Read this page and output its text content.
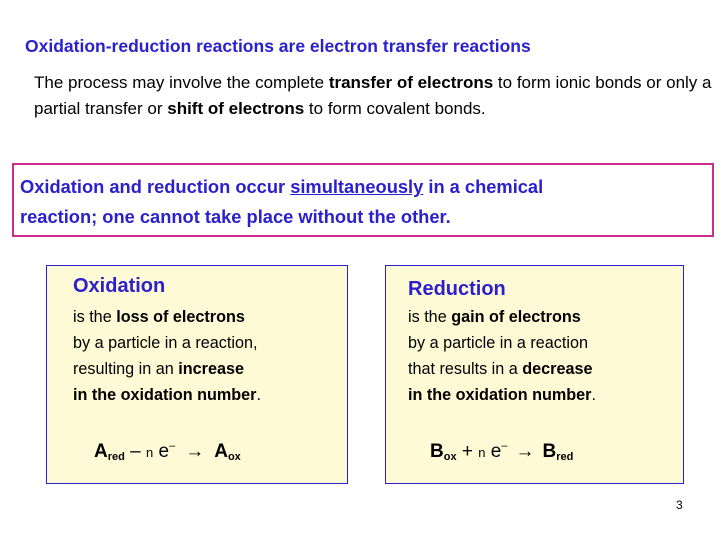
Oxidation-reduction reactions are electron transfer reactions
The process may involve the complete transfer of electrons to form ionic bonds or only a partial transfer or shift of electrons to form covalent bonds.
Oxidation and reduction occur simultaneously in a chemical
reaction; one cannot take place without the other.
Oxidation
is the loss of electrons
by a particle in a reaction,
resulting in an increase
in the oxidation number.
$A_{red}$ – n $e^- \to A_{ox}$
Reduction
is the gain of electrons
by a particle in a reaction
that results in a decrease
in the oxidation number.
$B_{ox} + n$ $e^- \to B_{red}$
3
